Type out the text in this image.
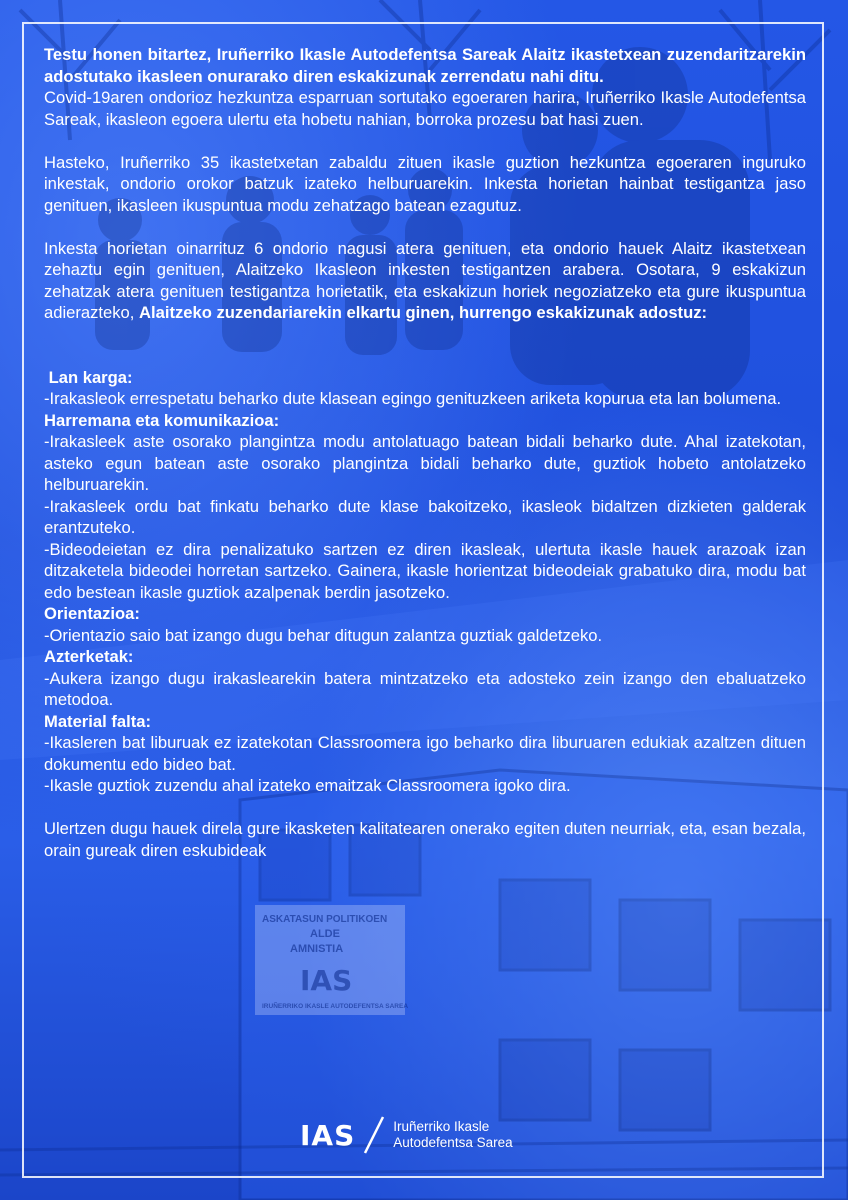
ASKATASUN POLITIKOEN
ALDE
AMNISTIA
IAS
IRUÑERRIKO IKASLE AUTODEFENTSA SAREA

Testu honen bitartez, Iruñerriko Ikasle Autodefentsa Sareak Alaitz ikastetxean zuzendaritzarekin adostutako ikasleen onurarako diren eskakizunak zerrendatu nahi ditu.

Covid-19aren ondorioz hezkuntza esparruan sortutako egoeraren harira, Iruñerriko Ikasle Autodefentsa Sareak, ikasleon egoera ulertu eta hobetu nahian, borroka prozesu bat hasi zuen.

Hasteko, Iruñerriko 35 ikastetxetan zabaldu zituen ikasle guztion hezkuntza egoeraren inguruko inkestak, ondorio orokor batzuk izateko helburuarekin. Inkesta horietan hainbat testigantza jaso genituen, ikasleen ikuspuntua modu zehatzago batean ezagutuz.

Inkesta horietan oinarrituz 6 ondorio nagusi atera genituen, eta ondorio hauek Alaitz ikastetxean zehaztu egin genituen, Alaitzeko Ikasleon inkesten testigantzen arabera. Osotara, 9 eskakizun zehatzak atera genituen testigantza horietatik, eta eskakizun horiek negoziatzeko eta gure ikuspuntua adierazteko, Alaitzeko zuzendariarekin elkartu ginen, hurrengo eskakizunak adostuz:

Lan karga:

-Irakasleok errespetatu beharko dute klasean egingo genituzkeen ariketa kopurua eta lan bolumena.

Harremana eta komunikazioa:

-Irakasleek aste osorako plangintza modu antolatuago batean bidali beharko dute. Ahal izatekotan, asteko egun batean aste osorako plangintza bidali beharko dute, guztiok hobeto antolatzeko helburuarekin.

-Irakasleek ordu bat finkatu beharko dute klase bakoitzeko, ikasleok bidaltzen dizkieten galderak erantzuteko.

-Bideodeietan ez dira penalizatuko sartzen ez diren ikasleak, ulertuta ikasle hauek arazoak izan ditzaketela bideodei horretan sartzeko. Gainera, ikasle horientzat bideodeiak grabatuko dira, modu bat edo bestean ikasle guztiok azalpenak berdin jasotzeko.

Orientazioa:

-Orientazio saio bat izango dugu behar ditugun zalantza guztiak galdetzeko.

Azterketak:

-Aukera izango dugu irakaslearekin batera mintzatzeko eta adosteko zein izango den ebaluatzeko metodoa.

Material falta:

-Ikasleren bat liburuak ez izatekotan Classroomera igo beharko dira liburuaren edukiak azaltzen dituen dokumentu edo bideo bat.

-Ikasle guztiok zuzendu ahal izateko emaitzak Classroomera igoko dira.

Ulertzen dugu hauek direla gure ikasketen kalitatearen onerako egiten duten neurriak, eta, esan bezala, orain gureak diren eskubideak

IAS	Iruñerriko Ikasle
Autodefentsa Sarea
